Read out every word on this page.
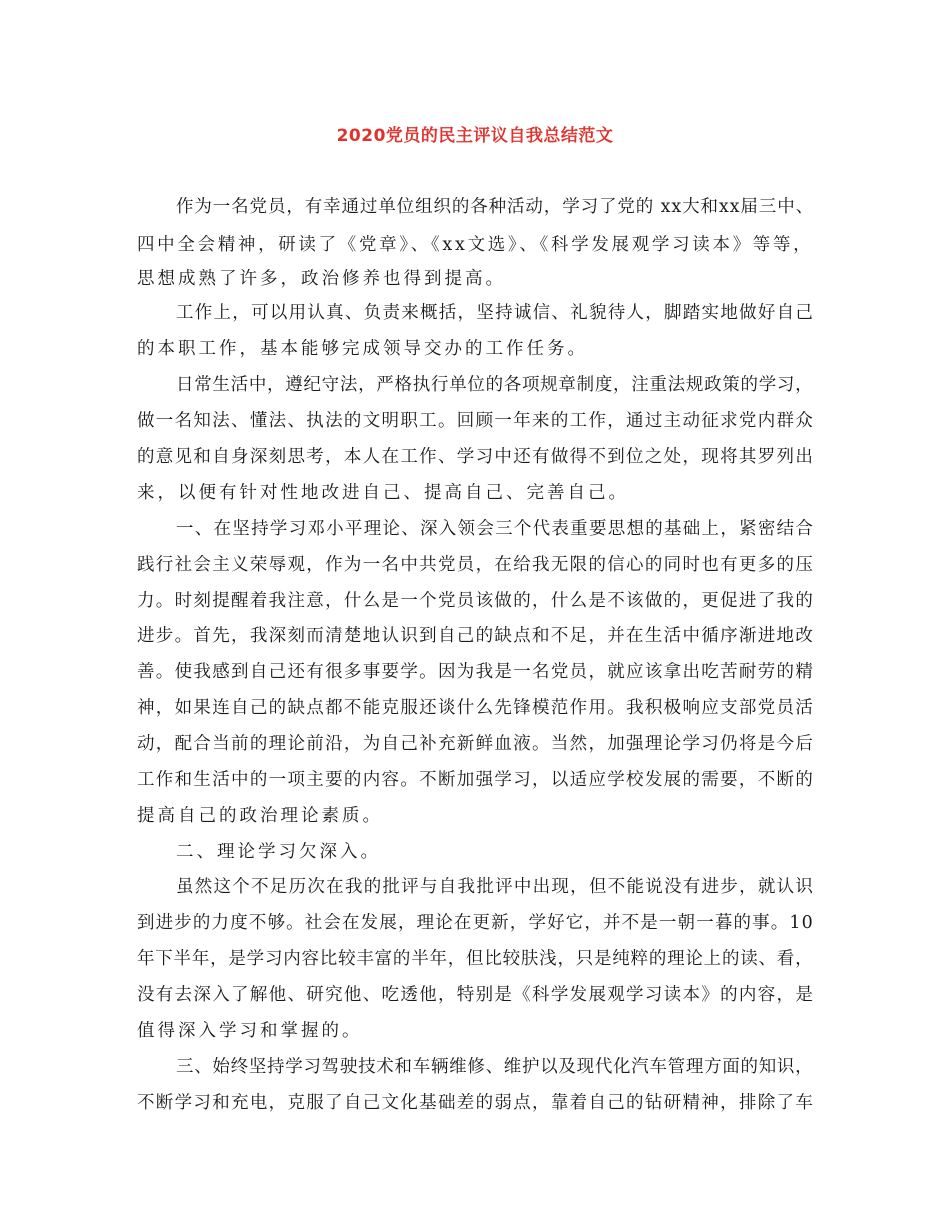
2020党员的民主评议自我总结范文
作为一名党员，有幸通过单位组织的各种活动，学习了党的 xx大和xx届三中、
四中全会精神，研读了《党章》、《xx文选》、《科学发展观学习读本》等等，
思想成熟了许多，政治修养也得到提高。
工作上，可以用认真、负责来概括，坚持诚信、礼貌待人，脚踏实地做好自己
的本职工作，基本能够完成领导交办的工作任务。
日常生活中，遵纪守法，严格执行单位的各项规章制度，注重法规政策的学习，
做一名知法、懂法、执法的文明职工。回顾一年来的工作，通过主动征求党内群众
的意见和自身深刻思考，本人在工作、学习中还有做得不到位之处，现将其罗列出
来，以便有针对性地改进自己、提高自己、完善自己。
一、在坚持学习邓小平理论、深入领会三个代表重要思想的基础上，紧密结合
践行社会主义荣辱观，作为一名中共党员，在给我无限的信心的同时也有更多的压
力。时刻提醒着我注意，什么是一个党员该做的，什么是不该做的，更促进了我的
进步。首先，我深刻而清楚地认识到自己的缺点和不足，并在生活中循序渐进地改
善。使我感到自己还有很多事要学。因为我是一名党员，就应该拿出吃苦耐劳的精
神，如果连自己的缺点都不能克服还谈什么先锋模范作用。我积极响应支部党员活
动，配合当前的理论前沿，为自己补充新鲜血液。当然，加强理论学习仍将是今后
工作和生活中的一项主要的内容。不断加强学习，以适应学校发展的需要，不断的
提高自己的政治理论素质。
二、理论学习欠深入。
虽然这个不足历次在我的批评与自我批评中出现，但不能说没有进步，就认识
到进步的力度不够。社会在发展，理论在更新，学好它，并不是一朝一暮的事。10
年下半年，是学习内容比较丰富的半年，但比较肤浅，只是纯粹的理论上的读、看，
没有去深入了解他、研究他、吃透他，特别是《科学发展观学习读本》的内容，是
值得深入学习和掌握的。
三、始终坚持学习驾驶技术和车辆维修、维护以及现代化汽车管理方面的知识，
不断学习和充电，克服了自己文化基础差的弱点，靠着自己的钻研精神，排除了车
